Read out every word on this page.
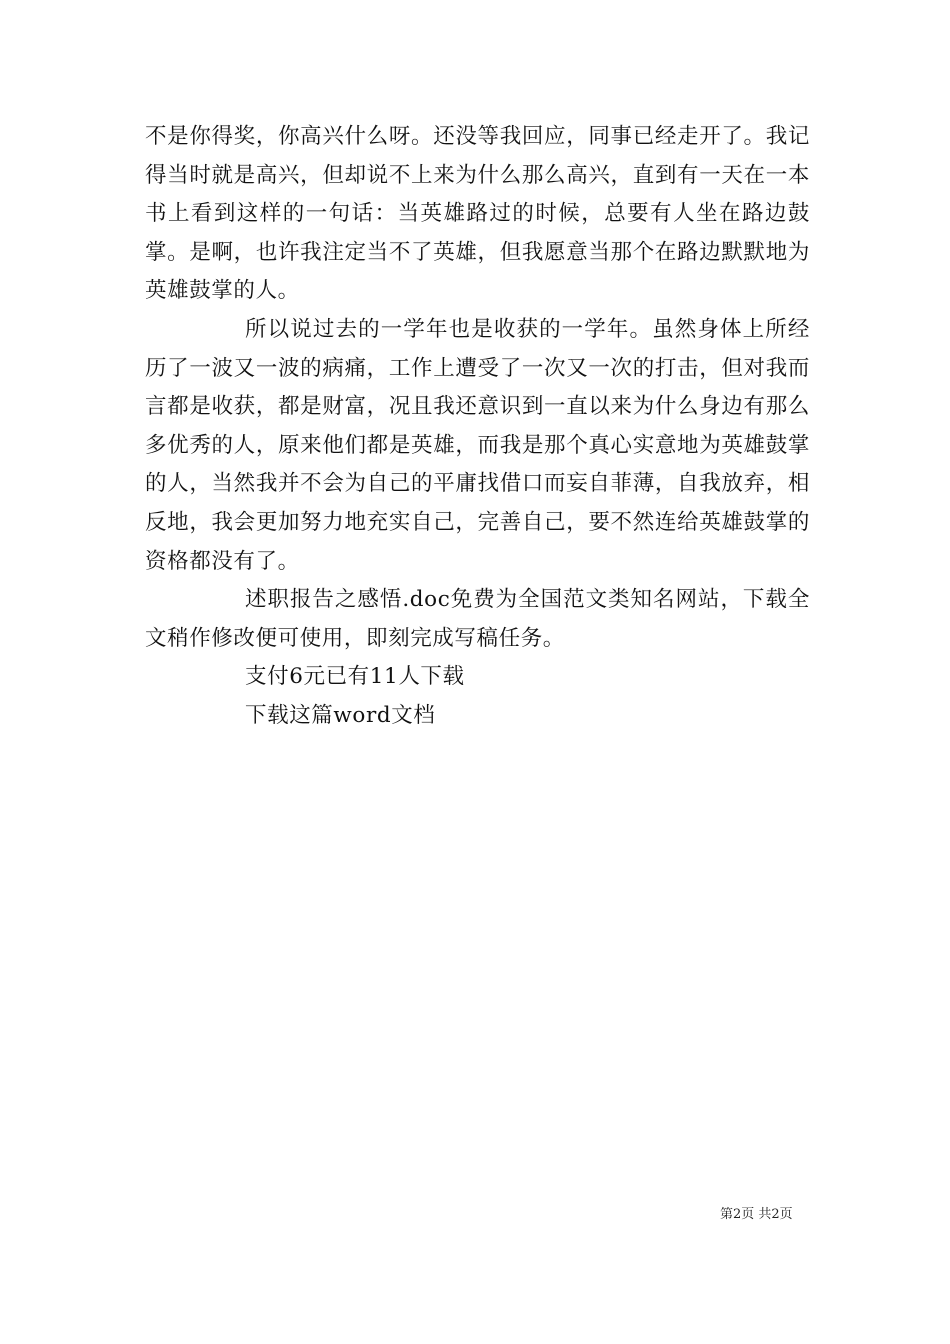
不是你得奖，你高兴什么呀。还没等我回应，同事已经走开了。我记得当时就是高兴，但却说不上来为什么那么高兴，直到有一天在一本书上看到这样的一句话：当英雄路过的时候，总要有人坐在路边鼓掌。是啊，也许我注定当不了英雄，但我愿意当那个在路边默默地为英雄鼓掌的人。

所以说过去的一学年也是收获的一学年。虽然身体上所经历了一波又一波的病痛，工作上遭受了一次又一次的打击，但对我而言都是收获，都是财富，况且我还意识到一直以来为什么身边有那么多优秀的人，原来他们都是英雄，而我是那个真心实意地为英雄鼓掌的人，当然我并不会为自己的平庸找借口而妄自菲薄，自我放弃，相反地，我会更加努力地充实自己，完善自己，要不然连给英雄鼓掌的资格都没有了。

述职报告之感悟.doc免费为全国范文类知名网站，下载全文稍作修改便可使用，即刻完成写稿任务。

支付6元已有11人下载

下载这篇word文档

第2页 共2页
